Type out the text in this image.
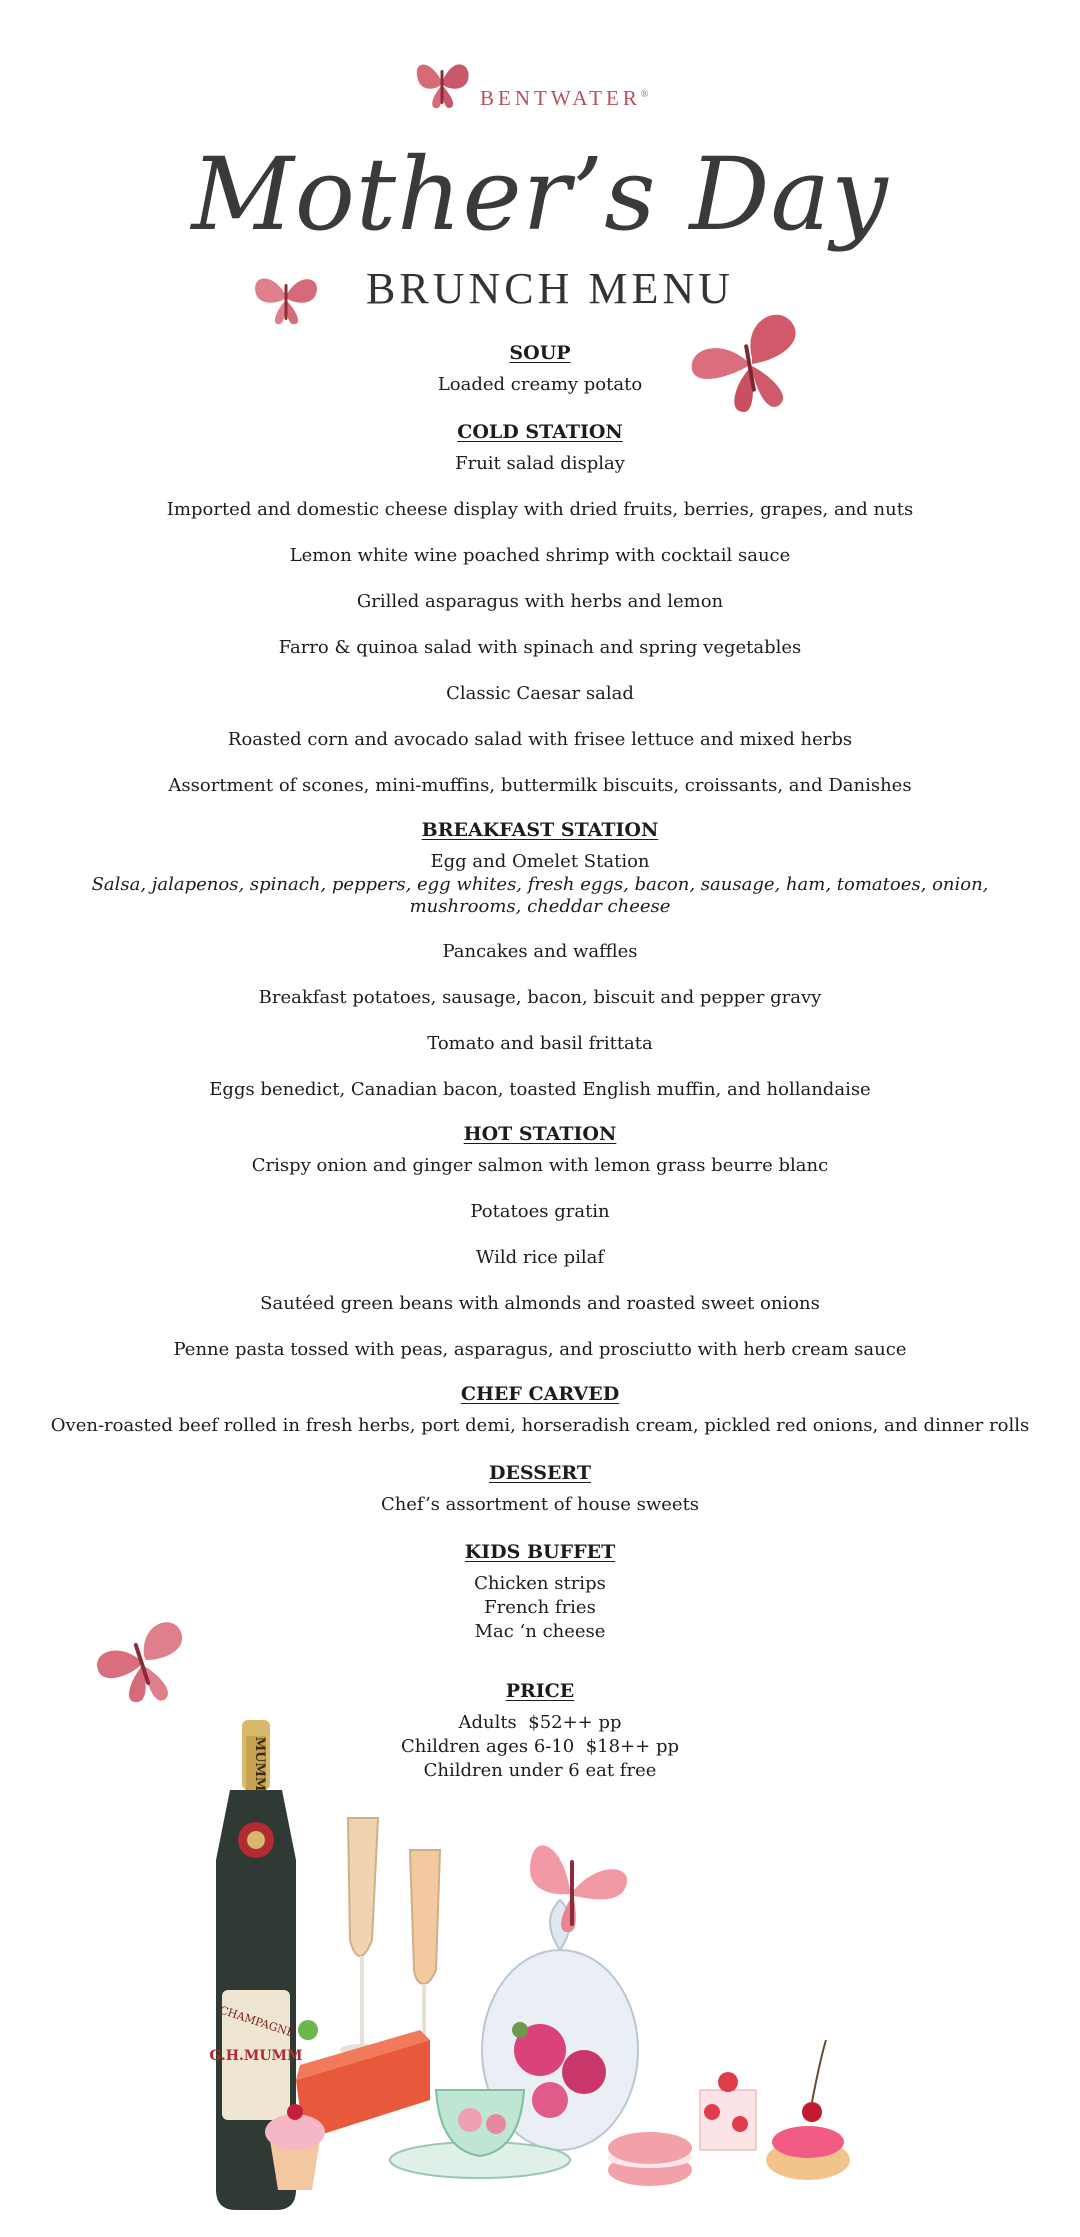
BENTWATER®
Mother’s Day
BRUNCH MENU
SOUP
Loaded creamy potato
COLD STATION
Fruit salad display
Imported and domestic cheese display with dried fruits, berries, grapes, and nuts
Lemon white wine poached shrimp with cocktail sauce
Grilled asparagus with herbs and lemon
Farro & quinoa salad with spinach and spring vegetables
Classic Caesar salad
Roasted corn and avocado salad with frisee lettuce and mixed herbs
Assortment of scones, mini-muffins, buttermilk biscuits, croissants, and Danishes
BREAKFAST STATION
Egg and Omelet Station
Salsa, jalapenos, spinach, peppers, egg whites, fresh eggs, bacon, sausage, ham, tomatoes, onion,
mushrooms, cheddar cheese
Pancakes and waffles
Breakfast potatoes, sausage, bacon, biscuit and pepper gravy
Tomato and basil frittata
Eggs benedict, Canadian bacon, toasted English muffin, and hollandaise
HOT STATION
Crispy onion and ginger salmon with lemon grass beurre blanc
Potatoes gratin
Wild rice pilaf
Sautéed green beans with almonds and roasted sweet onions
Penne pasta tossed with peas, asparagus, and prosciutto with herb cream sauce
CHEF CARVED
Oven-roasted beef rolled in fresh herbs, port demi, horseradish cream, pickled red onions, and dinner rolls
DESSERT
Chef’s assortment of house sweets
KIDS BUFFET
Chicken strips
French fries
Mac ‘n cheese
PRICE
Adults  $52++ pp
Children ages 6-10  $18++ pp
Children under 6 eat free
MUMM
CHAMPAGNE
G.H.MUMM
